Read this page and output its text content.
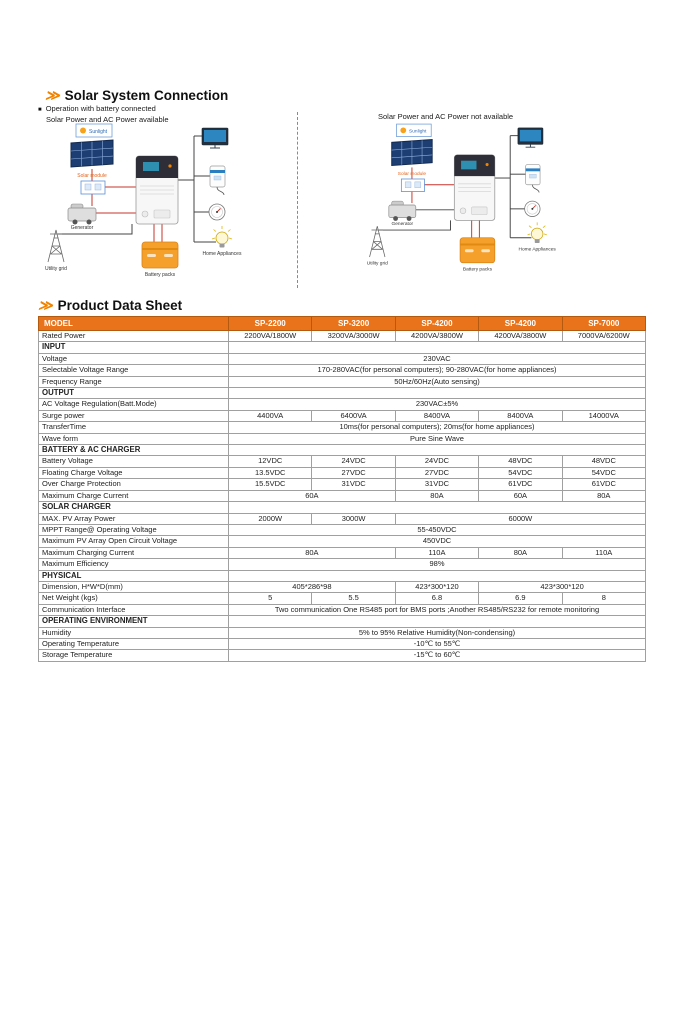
≫ Solar System Connection
■ Operation with battery connected
Solar Power and AC Power available	Solar Power and AC Power not available
Sunlight
Solar module
Generator
Utility grid
Battery packs
Home Appliances
Sunlight
Solar module
Generator
Utility grid
Battery packs
Home Appliances
≫ Product Data Sheet
MODEL	SP-2200	SP-3200	SP-4200	SP-4200	SP-7000
Rated Power	2200VA/1800W	3200VA/3000W	4200VA/3800W	4200VA/3800W	7000VA/6200W
INPUT					
Voltage	230VAC				
Selectable Voltage Range	170-280VAC(for personal computers); 90-280VAC(for home appliances)				
Frequency Range	50Hz/60Hz(Auto sensing)				
OUTPUT					
AC Voltage Regulation(Batt.Mode)	230VAC±5%				
Surge power	4400VA	6400VA	8400VA	8400VA	14000VA
TransferTime	10ms(for personal computers); 20ms(for home appliances)				
Wave form	Pure Sine Wave				
BATTERY & AC CHARGER					
Battery Voltage	12VDC	24VDC	24VDC	48VDC	48VDC
Floating Charge Voltage	13.5VDC	27VDC	27VDC	54VDC	54VDC
Over Charge Protection	15.5VDC	31VDC	31VDC	61VDC	61VDC
Maximum Charge Current	60A		80A	60A	80A
SOLAR CHARGER					
MAX. PV Array Power	2000W	3000W	6000W		
MPPT Range@ Operating Voltage	55-450VDC				
Maximum PV Array Open Circuit Voltage	450VDC				
Maximum Charging Current	80A		110A	80A	110A
Maximum Efficiency	98%				
PHYSICAL					
Dimension, H*W*D(mm)	405*286*98		423*300*120	423*300*120	
Net Weight (kgs)	5	5.5	6.8	6.9	8
Communication Interface	Two communication One RS485 port for BMS ports ;Another RS485/RS232 for remote monitoring				
OPERATING ENVIRONMENT					
Humidity	5% to 95% Relative Humidity(Non-condensing)				
Operating Temperature	-10℃ to 55℃				
Storage Temperature	-15℃ to 60℃				
